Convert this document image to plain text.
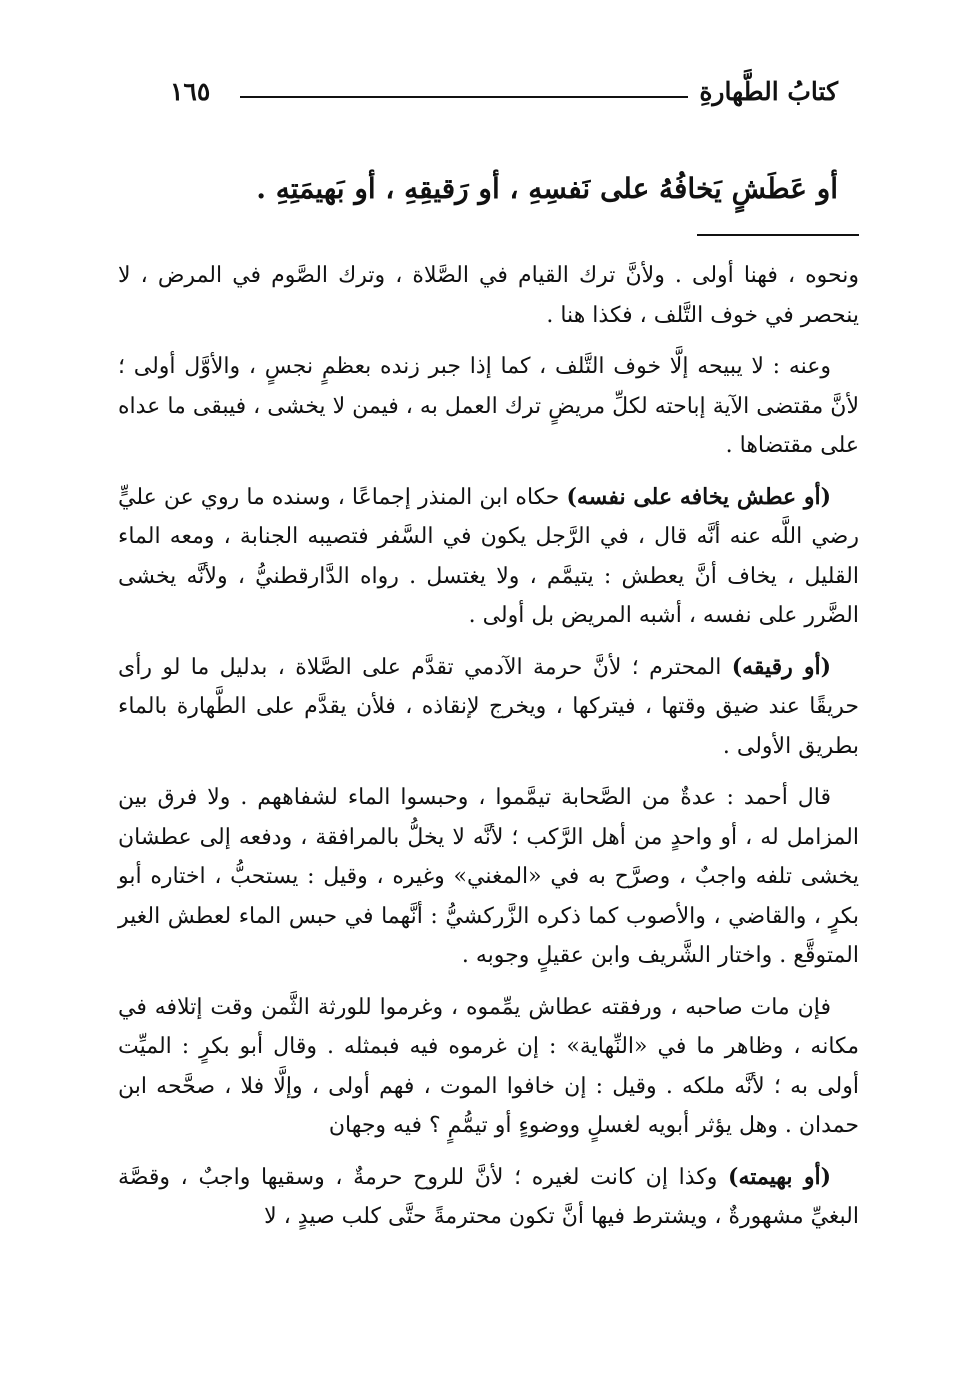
كتابُ الطَّهارةِ
١٦٥
أو عَطَشٍ يَخافُهُ على نَفسِهِ ، أو رَقيقِهِ ، أو بَهيمَتِهِ .

ونحوه ، فهنا أولى . ولأنَّ ترك القيام في الصَّلاة ، وترك الصَّوم في المرض ، لا ينحصر في خوف التَّلف ، فكذا هنا .

وعنه : لا يبيحه إلَّا خوف التَّلف ، كما إذا جبر زنده بعظمٍ نجسٍ ، والأوَّل أولى ؛ لأنَّ مقتضى الآية إباحته لكلِّ مريضٍ ترك العمل به ، فيمن لا يخشى ، فيبقى ما عداه على مقتضاها .

(أو عطش يخافه على نفسه) حكاه ابن المنذر إجماعًا ، وسنده ما روي عن عليٍّ رضي اللَّه عنه أنَّه قال ، في الرَّجل يكون في السَّفر فتصيبه الجنابة ، ومعه الماء القليل ، يخاف أنَّ يعطش : يتيمَّم ، ولا يغتسل . رواه الدَّارقطنيُّ ، ولأنَّه يخشى الضَّرر على نفسه ، أشبه المريض بل أولى .

(أو رقيقه) المحترم ؛ لأنَّ حرمة الآدمي تقدَّم على الصَّلاة ، بدليل ما لو رأى حريقًا عند ضيق وقتها ، فيتركها ، ويخرج لإنقاذه ، فلأن يقدَّم على الطَّهارة بالماء بطريق الأولى .

قال أحمد : عدةٌ من الصَّحابة تيمَّموا ، وحبسوا الماء لشفاههم . ولا فرق بين المزامل له ، أو واحدٍ من أهل الرَّكب ؛ لأنَّه لا يخلُّ بالمرافقة ، ودفعه إلى عطشان يخشى تلفه واجبٌ ، وصرَّح به في «المغني» وغيره ، وقيل : يستحبُّ ، اختاره أبو بكرٍ ، والقاضي ، والأصوب كما ذكره الزَّركشيُّ : أنَّهما في حبس الماء لعطش الغير المتوقَّع . واختار الشَّريف وابن عقيلٍ وجوبه .

فإن مات صاحبه ، ورفقته عطاش يمِّموه ، وغرموا للورثة الثَّمن وقت إتلافه في مكانه ، وظاهر ما في «النِّهاية» : إن غرموه فيه فبمثله . وقال أبو بكرٍ : الميِّت أولى به ؛ لأنَّه ملكه . وقيل : إن خافوا الموت ، فهم أولى ، وإلَّا فلا ، صحَّحه ابن حمدان . وهل يؤثر أبويه لغسلٍ ووضوءٍ أو تيمُّمٍ ؟ فيه وجهان

(أو بهيمته) وكذا إن كانت لغيره ؛ لأنَّ للروح حرمةٌ ، وسقيها واجبٌ ، وقصَّة البغيِّ مشهورةٌ ، ويشترط فيها أنَّ تكون محترمةً حتَّى كلب صيدٍ ، لا
